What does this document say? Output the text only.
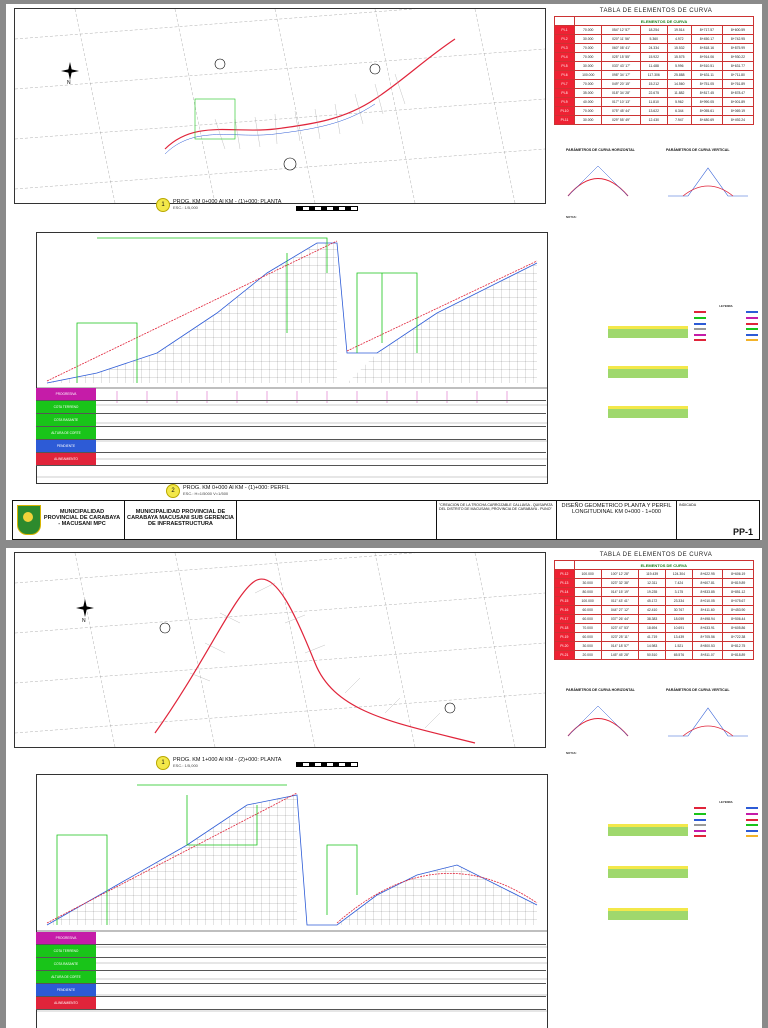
N
1	PROG. KM 0+000 Al KM - (1)+000: PLANTA
ESC.: 1/5,000
PROGRESIVA
COTA TERRENO
COTA RASANTE
ALTURA DE CORTE
PENDIENTE
ALINEAMIENTO
2	PROG. KM 0+000 Al KM - (1)+000: PERFIL
ESC.: H=1/5000 V=1/500
TABLA DE ELEMENTOS DE CURVA
	ELEMENTOS DE CURVA					
PI-1	70.000	054° 12' 57"	18.254	19.514	8+717.57	8+600.59
PI-2	30.000	020° 11' 56"	5.360	4.972	8+450.17	8+742.95
PI-3	70.000	060° 08' 41"	24.334	15.532	8+818.16	8+875.99
PI-4	70.000	025° 15' 55"	15.922	15.575	8+914.06	8+930.22
PI-5	30.000	033° 43' 17"	11.488	5.996	8+510.51	8+631.77
PI-6	100.000	098° 34' 17"	117.306	25.888	8+631.11	8+711.80
PI-7	70.000	049° 20' 15"	15.212	14.560	8+751.05	8+761.89
PI-8	35.000	018° 34' 28"	22.675	11.882	8+817.45	8+878.47
PI-9	40.000	017° 10' 13"	11.810	5.962	8+990.05	8+001.89
PI-10	70.000	075° 45' 44"	13.622	6.344	8+055.61	8+069.19
PI-11	30.000	029° 55' 49"	12.430	7.947	8+480.69	8+492.24
PARÁMETROS DE CURVA HORIZONTAL	PARÁMETROS DE CURVA VERTICAL
NOTAS:
LEYENDA
MUNICIPALIDAD PROVINCIAL DE CARABAYA - MACUSANI MPC
MUNICIPALIDAD PROVINCIAL DE CARABAYA MACUSANI SUB GERENCIA DE INFRAESTRUCTURA
"CREACION DE LA TROCHA CARROZABLE CALLIASA - QUISAPATA DEL DISTRITO DE MACUSANI, PROVINCIA DE CARABAYA - PUNO"	DISEÑO GEOMETRICO PLANTA Y PERFIL LONGITUDINAL KM 0+000 - 1+000
INDICADA
PP-1
N
1	PROG. KM 1+000 Al KM - (2)+000: PLANTA
ESC.: 1/5,000
PROGRESIVA
COTA TERRENO
COTA RASANTE
ALTURA DE CORTE
PENDIENTE
ALINEAMIENTO
TABLA DE ELEMENTOS DE CURVA
	ELEMENTOS DE CURVA					
PI-12	100.000	100° 12' 28"	119.439	124.304	8+622.95	8+606.19
PI-13	30.000	023° 32' 38"	12.311	7.424	8+607.81	8+819.89
PI-14	80.000	014° 15' 19"	19.235	3.175	8+833.85	8+851.12
PI-15	100.000	011° 43' 41"	45.172	23.334	8+010.05	8+075.67
PI-16	60.000	044° 27' 12"	42.410	30.767	8+411.60	8+453.90
PI-17	60.000	037° 26' 44"	38.383	18.059	8+498.94	8+506.44
PI-18	70.000	023° 47' 53"	18.694	10.691	8+633.91	8+605.86
PI-19	60.000	023° 25' 11"	41.719	13.439	8+705.56	8+722.38
PI-20	30.000	014° 18' 57"	14.983	1.521	8+800.53	8+812.75
PI-21	20.000	145° 45' 28"	50.510	65.576	8+811.07	8+818.89
PARÁMETROS DE CURVA HORIZONTAL	PARÁMETROS DE CURVA VERTICAL
NOTAS:
LEYENDA
